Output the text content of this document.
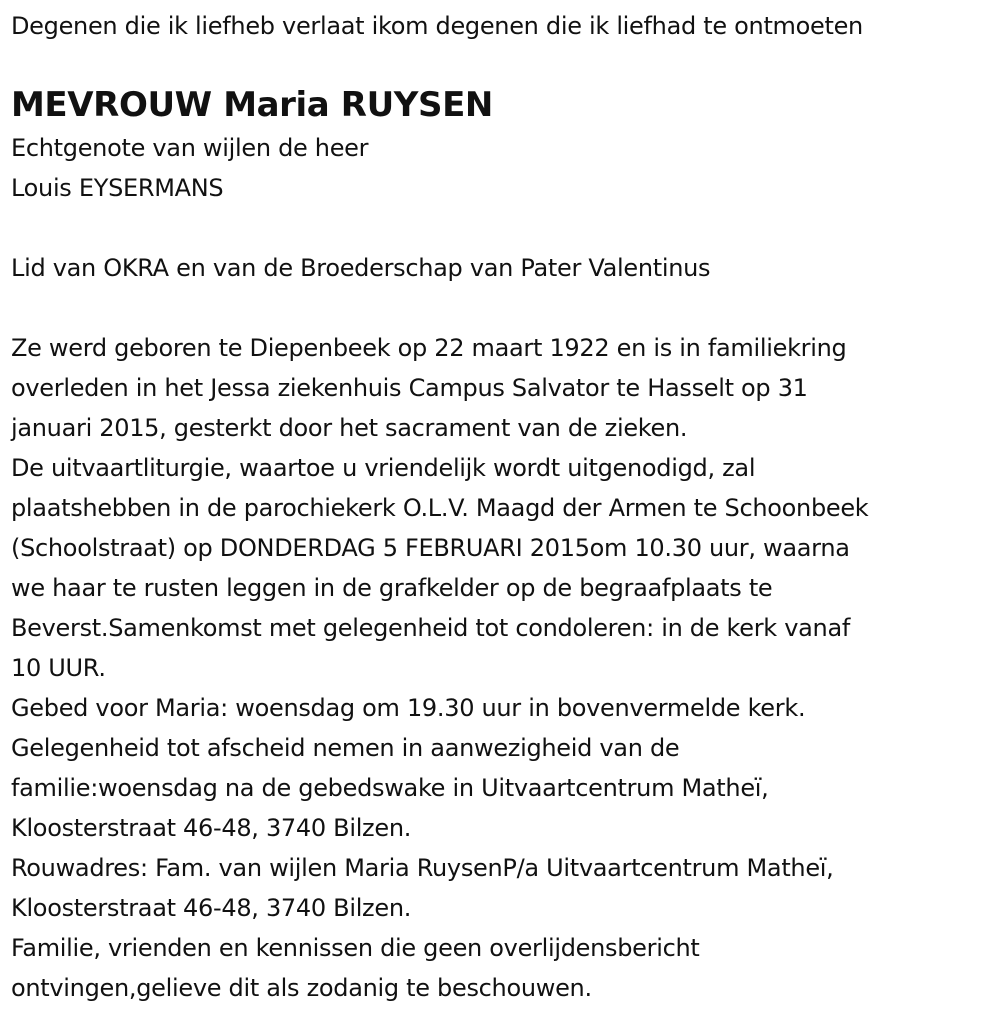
Degenen die ik liefheb verlaat ikom degenen die ik liefhad te ontmoeten
MEVROUW Maria RUYSEN
Echtgenote van wijlen de heer
Louis EYSERMANS
Lid van OKRA en van de Broederschap van Pater Valentinus
Ze werd geboren te Diepenbeek op 22 maart 1922 en is in familiekring
overleden in het Jessa ziekenhuis Campus Salvator te Hasselt op 31
januari 2015, gesterkt door het sacrament van de zieken.
De uitvaartliturgie, waartoe u vriendelijk wordt uitgenodigd, zal
plaatshebben in de parochiekerk O.L.V. Maagd der Armen te Schoonbeek
(Schoolstraat) op DONDERDAG 5 FEBRUARI 2015om 10.30 uur, waarna
we haar te rusten leggen in de grafkelder op de begraafplaats te
Beverst.Samenkomst met gelegenheid tot condoleren: in de kerk vanaf
10 UUR.
Gebed voor Maria: woensdag om 19.30 uur in bovenvermelde kerk.
Gelegenheid tot afscheid nemen in aanwezigheid van de
familie:woensdag na de gebedswake in Uitvaartcentrum Matheï,
Kloosterstraat 46-48, 3740 Bilzen.
Rouwadres: Fam. van wijlen Maria RuysenP/a Uitvaartcentrum Matheï,
Kloosterstraat 46-48, 3740 Bilzen.
Familie, vrienden en kennissen die geen overlijdensbericht
ontvingen,gelieve dit als zodanig te beschouwen.
